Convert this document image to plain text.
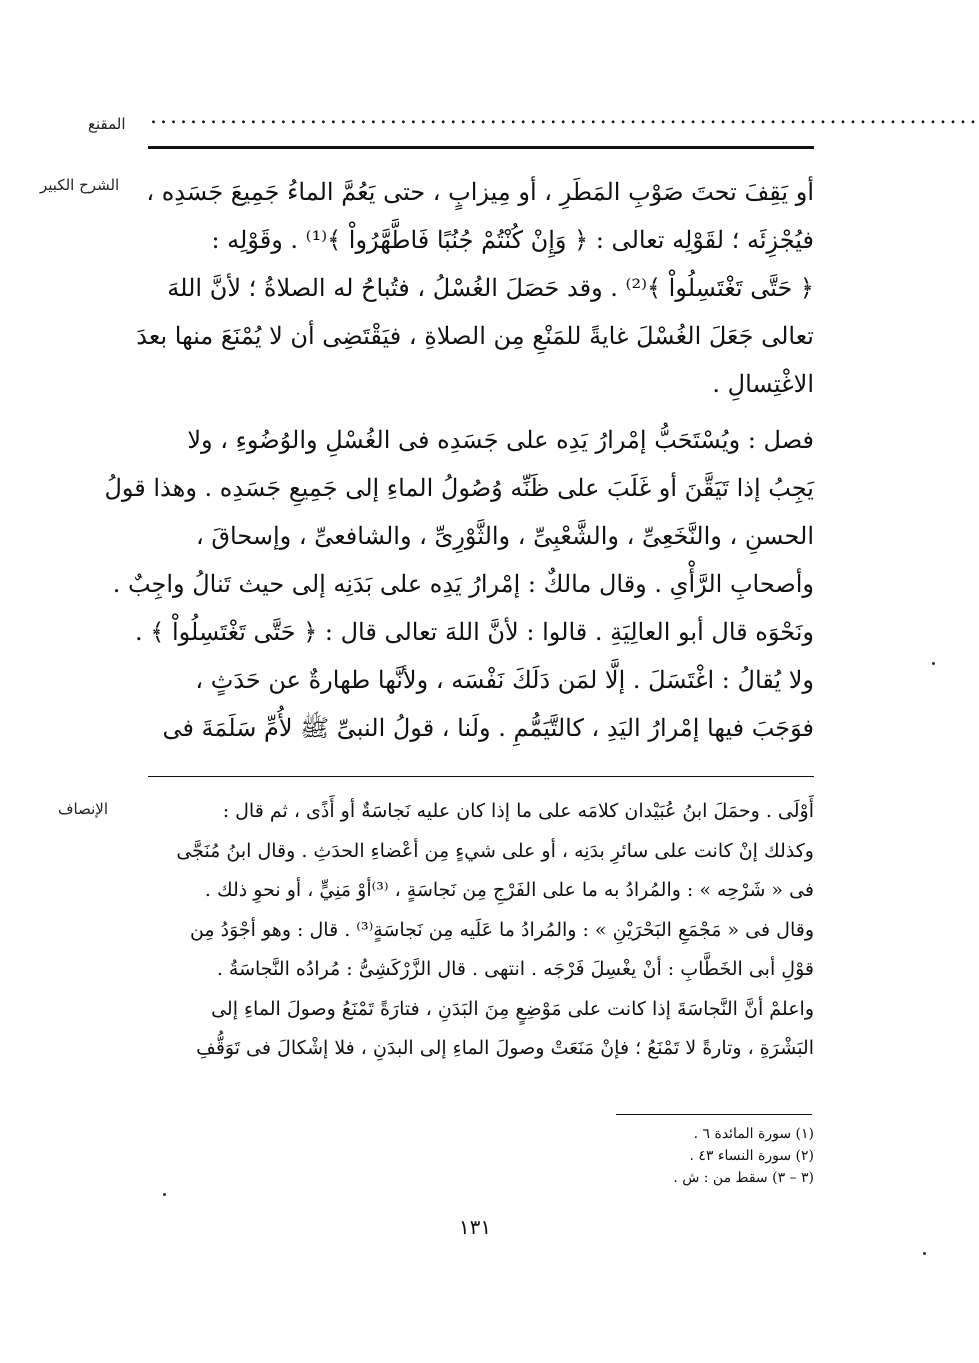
المقنع ...................................................................................
الشرح الكبير أو يَقِفَ تحتَ صَوْبِ المَطَرِ ، أو مِيزابٍ ، حتى يَعُمَّ الماءُ جَمِيعَ جَسَدِه ،
فيُجْزِئَه ؛ لقَوْلِه تعالى : ﴿ وَإِنْ كُنْتُمْ جُنُبًا فَاطَّهَّرُواْ ﴾⁽¹⁾ . وقَوْلِه :
﴿ حَتَّى تَغْتَسِلُواْ ﴾⁽²⁾ . وقد حَصَلَ الغُسْلُ ، فتُباحُ له الصلاةُ ؛ لأنَّ اللهَ
تعالى جَعَلَ الغُسْلَ غايةً للمَنْعِ مِن الصلاةِ ، فيَقْتَضِى أن لا يُمْنَعَ منها بعدَ
الاغْتِسالِ .
فصل : ويُسْتَحَبُّ إمْرارُ يَدِه على جَسَدِه فى الغُسْلِ والوُضُوءِ ، ولا
يَجِبُ إذا تَيَقَّنَ أو غَلَبَ على ظَنِّه وُصُولُ الماءِ إلى جَمِيعِ جَسَدِه . وهذا قولُ
الحسنِ ، والنَّخَعِىِّ ، والشَّعْبِىِّ ، والثَّوْرِىِّ ، والشافعىِّ ، وإسحاقَ ،
وأصحابِ الرَّأْىِ . وقال مالكٌ : إمْرارُ يَدِه على بَدَنِه إلى حيث تَنالُ واجِبٌ .
ونَحْوَه قال أبو العالِيَةِ . قالوا : لأنَّ اللهَ تعالى قال : ﴿ حَتَّى تَغْتَسِلُواْ ﴾ .
ولا يُقالُ : اغْتَسَلَ . إلَّا لمَن دَلَكَ نَفْسَه ، ولأنَّها طهارةٌ عن حَدَثٍ ،
فوَجَبَ فيها إمْرارُ اليَدِ ، كالتَّيَمُّمِ . ولَنا ، قولُ النبىِّ ﷺ لأُمِّ سَلَمَةَ فى
الإنصاف	أَوْلَى . وحمَلَ ابنُ عُبَيْدان كلامَه على ما إذا كان عليه نَجاسَةٌ أو أَذًى ، ثم قال :
وكذلك إنْ كانت على سائرِ بدَنِه ، أو على شيءٍ مِن أعْضاءِ الحدَثِ . وقال ابنُ مُنَجَّى
فى « شَرْحِه » : والمُرادُ به ما على الفَرْجِ مِن نَجاسَةٍ ، ⁽³⁾أوْ مَنِيٍّ ، أو نحوِ ذلك .
وقال فى « مَجْمَعِ البَحْرَيْنِ » : والمُرادُ ما عَلَيه مِن نَجاسَةٍ⁽³⁾ . قال : وهو أجْوَدُ مِن
قوْلِ أبى الخَطَّابِ : أنْ يغْسِلَ فَرْجَه . انتهى . قال الزَّرْكَشِىُّ : مُرادُه النَّجاسَةُ .
واعلمْ أنَّ النَّجاسَةَ إذا كانت على مَوْضِعٍ مِنَ البَدَنِ ، فتارَةً تَمْنَعُ وصولَ الماءِ إلى
البَشْرَةِ ، وتارةً لا تَمْنَعُ ؛ فإنْ مَنَعَتْ وصولَ الماءِ إلى البدَنِ ، فلا إشْكالَ فى تَوَقُّفِ
(١) سورة المائدة ٦ .
(٢) سورة النساء ٤٣ .
(٣ – ٣) سقط من : ش .
١٣١
